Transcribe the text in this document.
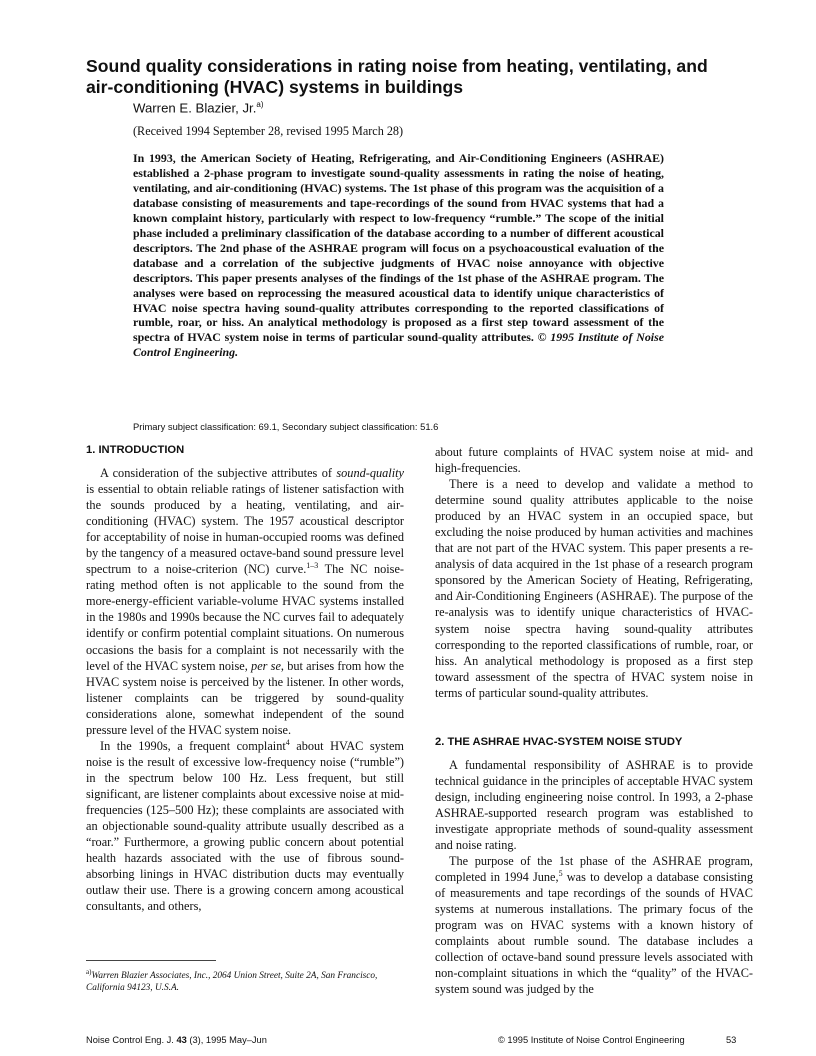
Sound quality considerations in rating noise from heating, ventilating, and air-conditioning (HVAC) systems in buildings
Warren E. Blazier, Jr.$^{a)}$
(Received 1994 September 28, revised 1995 March 28)

In 1993, the American Society of Heating, Refrigerating, and Air-Conditioning Engineers (ASHRAE) established a 2-phase program to investigate sound-quality assessments in rating the noise of heating, ventilating, and air-conditioning (HVAC) systems. The 1st phase of this program was the acquisition of a database consisting of measurements and tape-recordings of the sound from HVAC systems that had a known complaint history, particularly with respect to low-frequency “rumble.” The scope of the initial phase included a preliminary classification of the database according to a number of different acoustical descriptors. The 2nd phase of the ASHRAE program will focus on a psychoacoustical evaluation of the database and a correlation of the subjective judgments of HVAC noise annoyance with objective descriptors. This paper presents analyses of the findings of the 1st phase of the ASHRAE program. The analyses were based on reprocessing the measured acoustical data to identify unique characteristics of HVAC noise spectra having sound-quality attributes corresponding to the reported classifications of rumble, roar, or hiss. An analytical methodology is proposed as a first step toward assessment of the spectra of HVAC system noise in terms of particular sound-quality attributes. © 1995 Institute of Noise Control Engineering.

Primary subject classification: 69.1, Secondary subject classification: 51.6
1. INTRODUCTION

A consideration of the subjective attributes of sound-quality is essential to obtain reliable ratings of listener satisfaction with the sounds produced by a heating, ventilating, and air-conditioning (HVAC) system. The 1957 acoustical descriptor for acceptability of noise in human-occupied rooms was defined by the tangency of a measured octave-band sound pressure level spectrum to a noise-criterion (NC) curve.$^{1-3}$ The NC noise-rating method often is not applicable to the sound from the more-energy-efficient variable-volume HVAC systems installed in the 1980s and 1990s because the NC curves fail to adequately identify or confirm potential complaint situations. On numerous occasions the basis for a complaint is not necessarily with the level of the HVAC system noise, per se, but arises from how the HVAC system noise is perceived by the listener. In other words, listener complaints can be triggered by sound-quality considerations alone, somewhat independent of the sound pressure level of the HVAC system noise.

In the 1990s, a frequent complaint$^4$ about HVAC system noise is the result of excessive low-frequency noise (“rumble”) in the spectrum below 100 Hz. Less frequent, but still significant, are listener complaints about excessive noise at mid-frequencies (125–500 Hz); these complaints are associated with an objectionable sound-quality attribute usually described as a “roar.” Furthermore, a growing public concern about potential health hazards associated with the use of fibrous sound-absorbing linings in HVAC distribution ducts may eventually outlaw their use. There is a growing concern among acoustical consultants, and others,

about future complaints of HVAC system noise at mid- and high-frequencies.

There is a need to develop and validate a method to determine sound quality attributes applicable to the noise produced by an HVAC system in an occupied space, but excluding the noise produced by human activities and machines that are not part of the HVAC system. This paper presents a re-analysis of data acquired in the 1st phase of a research program sponsored by the American Society of Heating, Refrigerating, and Air-Conditioning Engineers (ASHRAE). The purpose of the re-analysis was to identify unique characteristics of HVAC-system noise spectra having sound-quality attributes corresponding to the reported classifications of rumble, roar, or hiss. An analytical methodology is proposed as a first step toward assessment of the spectra of HVAC system noise in terms of particular sound-quality attributes.

2. THE ASHRAE HVAC-SYSTEM NOISE STUDY

A fundamental responsibility of ASHRAE is to provide technical guidance in the principles of acceptable HVAC system design, including engineering noise control. In 1993, a 2-phase ASHRAE-supported research program was established to investigate appropriate methods of sound-quality assessment and noise rating.

The purpose of the 1st phase of the ASHRAE program, completed in 1994 June,$^5$ was to develop a database consisting of measurements and tape recordings of the sounds of HVAC systems at numerous installations. The primary focus of the program was on HVAC systems with a known history of complaints about rumble sound. The database includes a collection of octave-band sound pressure levels associated with non-complaint situations in which the “quality” of the HVAC-system sound was judged by the

$^{a)}$Warren Blazier Associates, Inc., 2064 Union Street, Suite 2A, San Francisco, California 94123, U.S.A.
Noise Control Eng. J. 43 (3), 1995 May–Jun	© 1995 Institute of Noise Control Engineering	53
